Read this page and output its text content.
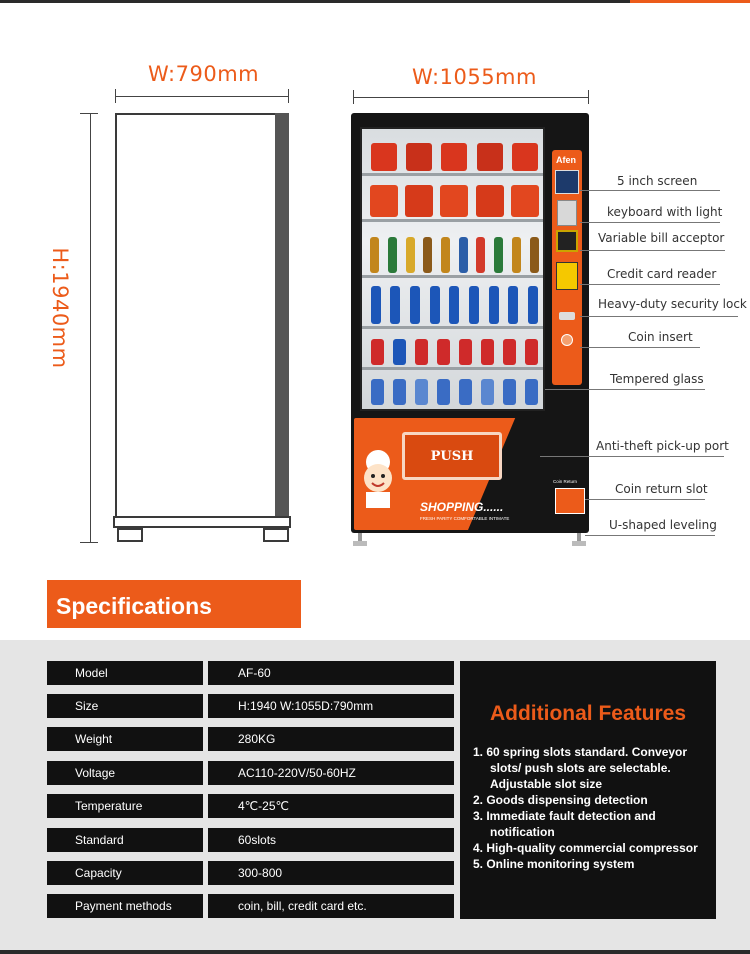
W:790mm
H:1940mm
W:1055mm
Afen
PUSH
SHOPPING......
FRESH PARITY COMFORTABLE INTIMATE
Coin Return
5 inch screen
keyboard with light
Variable bill acceptor
Credit card reader
Heavy-duty security lock
Coin insert
Tempered glass
Anti-theft pick-up port
Coin return slot
U-shaped leveling
Specifications
Model	AF-60
Size	H:1940 W:1055D:790mm
Weight	280KG
Voltage	AC110-220V/50-60HZ
Temperature	4℃-25℃
Standard	60slots
Capacity	300-800
Payment methods	coin, bill, credit card etc.
Additional Features
1. 60 spring slots standard. Conveyor
slots/ push slots are selectable.
Adjustable slot size
2. Goods dispensing detection
3. Immediate fault detection and
notification
4. High-quality commercial compressor
5. Online monitoring system
